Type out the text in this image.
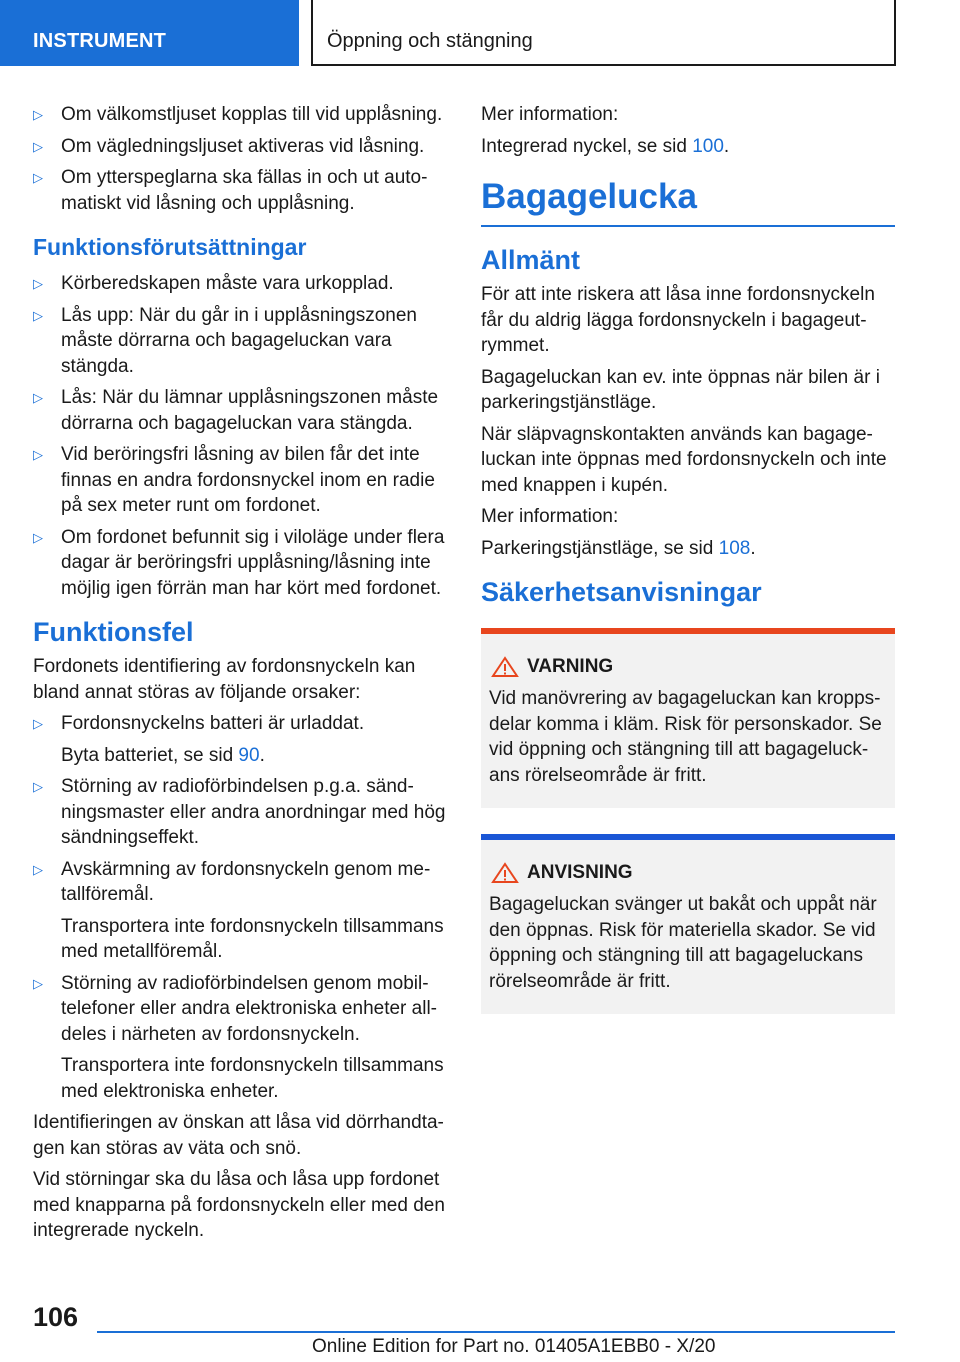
INSTRUMENT	Öppning och stängning
▷ Om välkomstljuset kopplas till vid upplåsning.
▷ Om vägledningsljuset aktiveras vid låsning.
▷ Om ytterspeglarna ska fällas in och ut auto-matiskt vid låsning och upplåsning.
Funktionsförutsättningar
▷ Körberedskapen måste vara urkopplad.
▷ Lås upp: När du går in i upplåsningszonen måste dörrarna och bagageluckan vara stängda.
▷ Lås: När du lämnar upplåsningszonen måste dörrarna och bagageluckan vara stängda.
▷ Vid beröringsfri låsning av bilen får det inte finnas en andra fordonsnyckel inom en radie på sex meter runt om fordonet.
▷ Om fordonet befunnit sig i viloläge under flera dagar är beröringsfri upplåsning/låsning inte möjlig igen förrän man har kört med fordonet.
Funktionsfel

Fordonets identifiering av fordonsnyckeln kan bland annat störas av följande orsaker:

▷ Fordonsnyckelns batteri är urladdat.

Byta batteriet, se sid 90.

▷ Störning av radioförbindelsen p.g.a. sänd-ningsmaster eller andra anordningar med hög sändningseffekt.
▷ Avskärmning av fordonsnyckeln genom me-tallföremål.

Transportera inte fordonsnyckeln tillsammans med metallföremål.

▷ Störning av radioförbindelsen genom mobil-telefoner eller andra elektroniska enheter all-deles i närheten av fordonsnyckeln.

Transportera inte fordonsnyckeln tillsammans med elektroniska enheter.

Identifieringen av önskan att låsa vid dörrhandta-gen kan störas av väta och snö.

Vid störningar ska du låsa och låsa upp fordonet med knapparna på fordonsnyckeln eller med den integrerade nyckeln.

Mer information:

Integrerad nyckel, se sid 100.

Bagagelucka
Allmänt

För att inte riskera att låsa inne fordonsnyckeln får du aldrig lägga fordonsnyckeln i bagageut-rymmet.

Bagageluckan kan ev. inte öppnas när bilen är i parkeringstjänstläge.

När släpvagnskontakten används kan bagage-luckan inte öppnas med fordonsnyckeln och inte med knappen i kupén.

Mer information:

Parkeringstjänstläge, se sid 108.

Säkerhetsanvisningar
VARNING

Vid manövrering av bagageluckan kan kropps-delar komma i kläm. Risk för personskador. Se vid öppning och stängning till att bagageluck-ans rörelseområde är fritt.

ANVISNING

Bagageluckan svänger ut bakåt och uppåt när den öppnas. Risk för materiella skador. Se vid öppning och stängning till att bagageluckans rörelseområde är fritt.

106
Online Edition for Part no. 01405A1EBB0 - X/20
